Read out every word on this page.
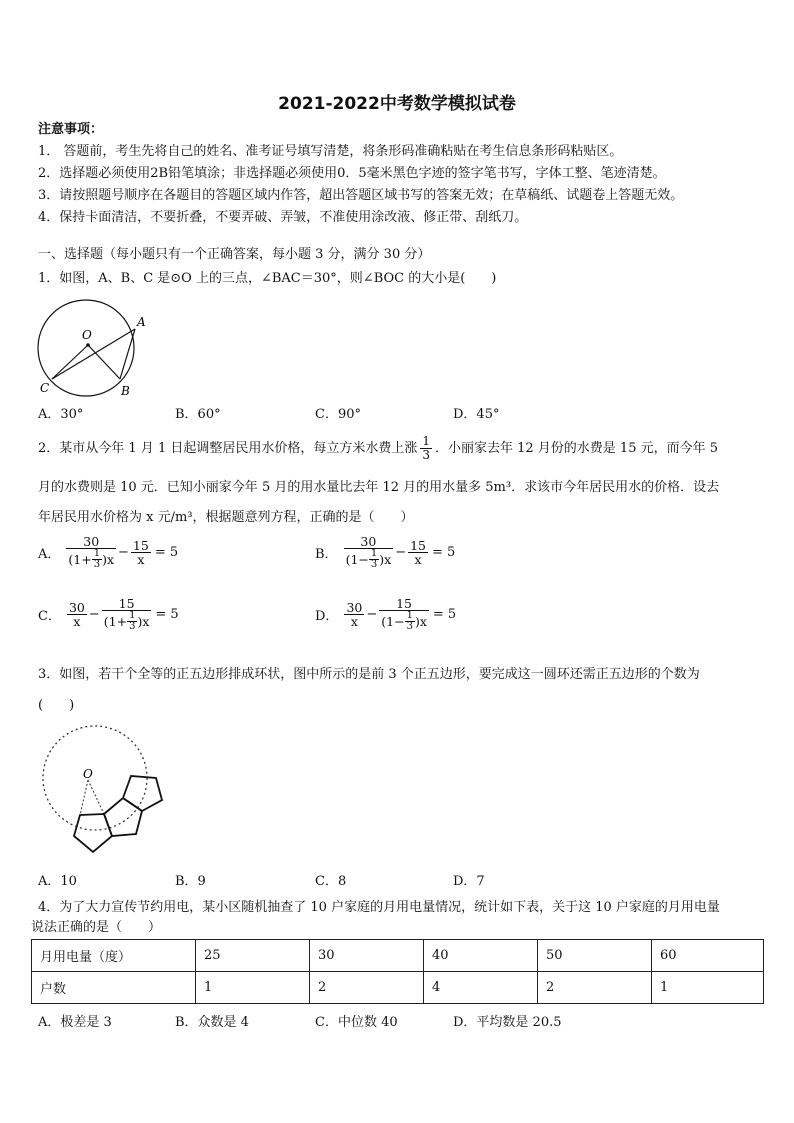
2021-2022中考数学模拟试卷
注意事项：
1． 答题前，考生先将自己的姓名、准考证号填写清楚，将条形码准确粘贴在考生信息条形码粘贴区。
2．选择题必须使用2B铅笔填涂；非选择题必须使用0．5毫米黑色字迹的签字笔书写，字体工整、笔迹清楚。
3．请按照题号顺序在各题目的答题区域内作答，超出答题区域书写的答案无效；在草稿纸、试题卷上答题无效。
4．保持卡面清洁，不要折叠，不要弄破、弄皱，不准使用涂改液、修正带、刮纸刀。
一、选择题（每小题只有一个正确答案，每小题 3 分，满分 30 分）
1．如图，A、B、C 是⊙O 上的三点，∠BAC＝30°，则∠BOC 的大小是(　　)
O
A
B
C
A．30°	B．60°	C．90°	D．45°
2．某市从今年 1 月 1 日起调整居民用水价格，每立方米水费上涨 $\frac{1}{3}$ ．小丽家去年 12 月份的水费是 15 元，而今年 5
月的水费则是 10 元．已知小丽家今年 5 月的用水量比去年 12 月的用水量多 5m³．求该市今年居民用水的价格．设去
年居民用水价格为 x 元/m³，根据题意列方程，正确的是（　　）
A． $\frac{30}{(1+ \frac{1}{3} )x} - \frac{15}{x} = 5$	B． $\frac{30}{(1- \frac{1}{3} )x} - \frac{15}{x} = 5$
C． $\frac{30}{x} - \frac{15}{(1+ \frac{1}{3} )x} = 5$	D． $\frac{30}{x} - \frac{15}{(1- \frac{1}{3} )x} = 5$
3．如图，若干个全等的正五边形排成环状，图中所示的是前 3 个正五边形，要完成这一圆环还需正五边形的个数为
(　　)
O
A．10	B．9	C．8	D．7
4．为了大力宣传节约用电，某小区随机抽查了 10 户家庭的月用电量情况，统计如下表，关于这 10 户家庭的月用电量
说法正确的是（　　）
月用电量（度）	25	30	40	50	60
户数	1	2	4	2	1
A．极差是 3	B．众数是 4	C．中位数 40	D．平均数是 20.5
